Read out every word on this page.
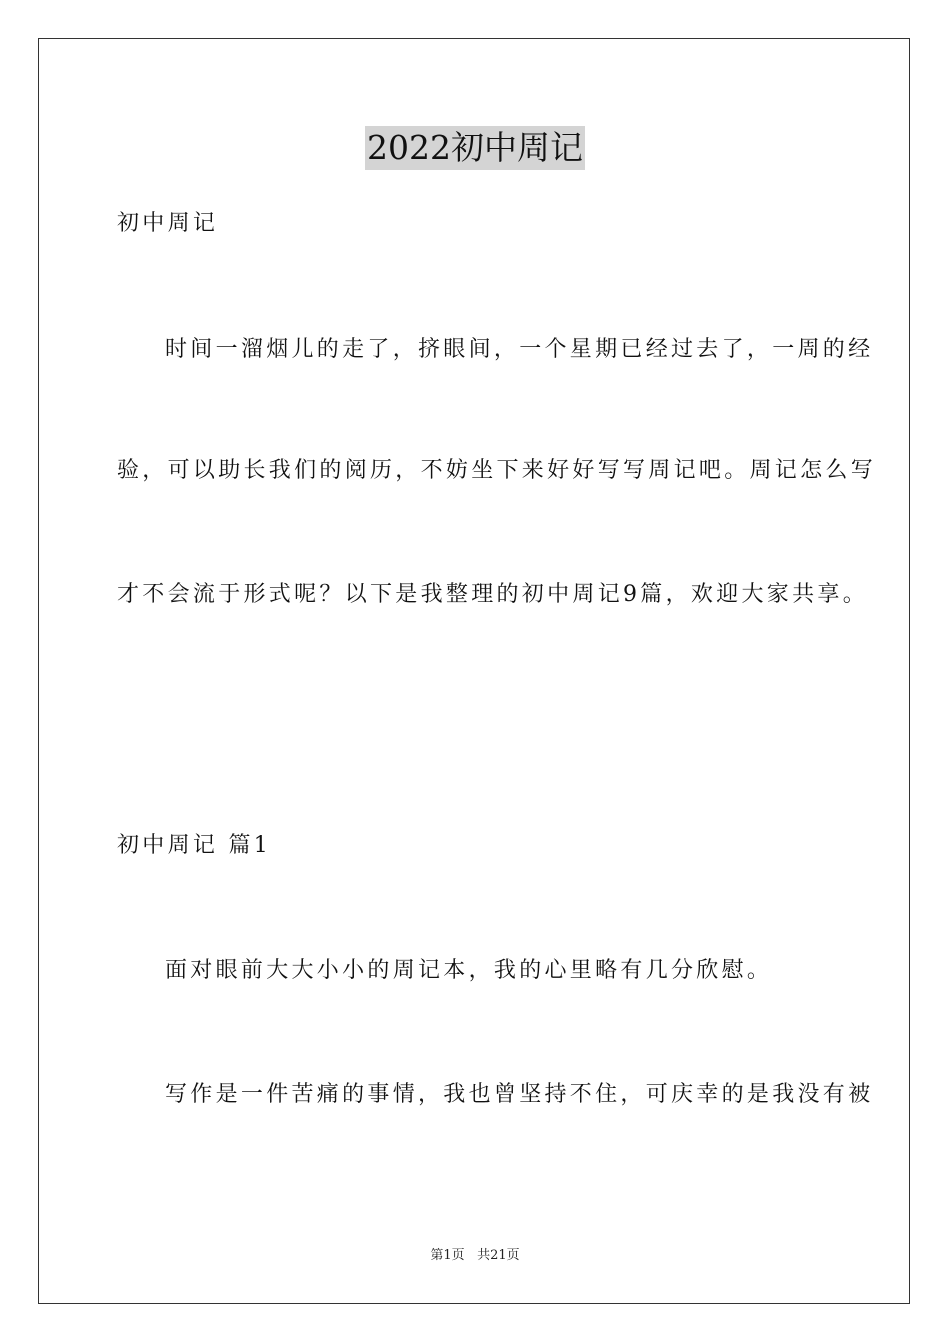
2022初中周记
初中周记
时间一溜烟儿的走了，挤眼间，一个星期已经过去了，一周的经
验，可以助长我们的阅历，不妨坐下来好好写写周记吧。周记怎么写
才不会流于形式呢？以下是我整理的初中周记9篇，欢迎大家共享。
初中周记 篇1
面对眼前大大小小的周记本，我的心里略有几分欣慰。
写作是一件苦痛的事情，我也曾坚持不住，可庆幸的是我没有被
第1页 共21页
